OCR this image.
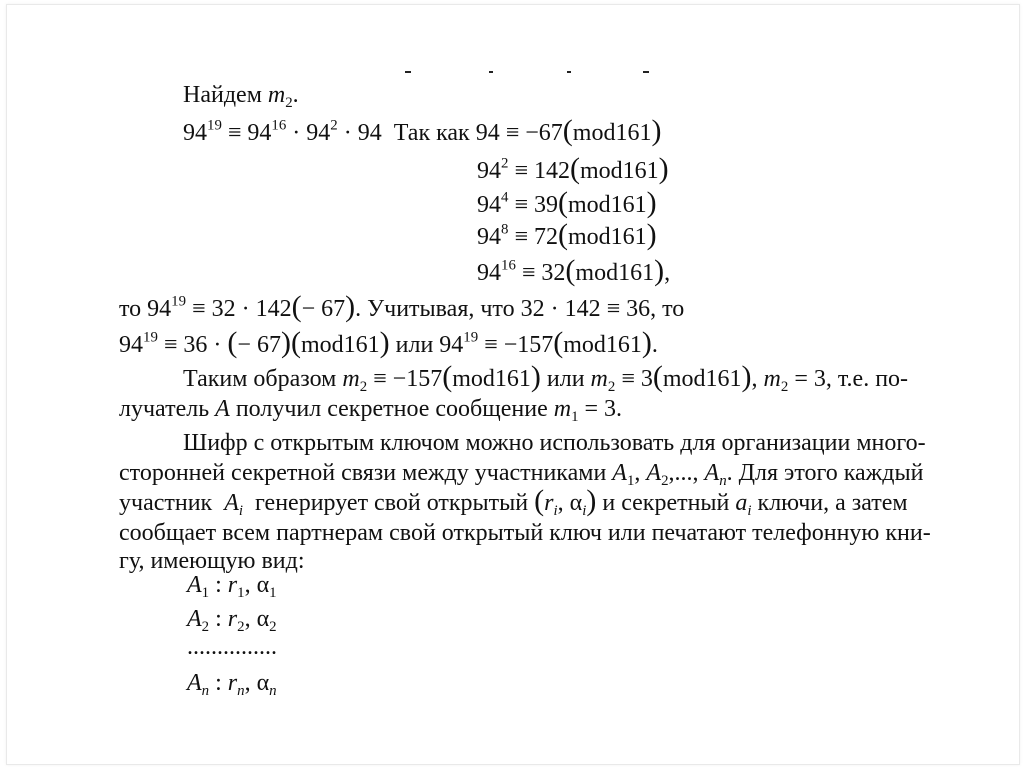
Найдем $m_2$.
$94^{19} \equiv 94^{16} \cdot 94^2 \cdot 94$  Так как 94 ≡ −67(mod161)
$94^2 \equiv 142(mod161)$
$94^4 \equiv 39(mod161)$
$94^8 \equiv 72(mod161)$
$94^{16} \equiv 32(mod161)$,
то $94^{19} \equiv 32 \cdot 142(- 67)$. Учитывая, что 32 · 142 ≡ 36, то
$94^{19} \equiv 36$ · (− 67)(mod161) или $94^{19} \equiv -157(mod161)$.
Таким образом $m_2 \equiv -157(mod161)$ или $m_2 \equiv 3(mod161)$, $m_2 = 3$, т.е. по-
лучатель A получил секретное сообщение $m_1 = 3$.
Шифр с открытым ключом можно использовать для организации много-
сторонней секретной связи между участниками $A_1$, $A_2$,..., $A_n$. Для этого каждый
участник $A_i$ генерирует свой открытый ($r_i$, $\alpha_i$) и секретный $a_i$ ключи, а затем
сообщает всем партнерам свой открытый ключ или печатают телефонную кни-
гу, имеющую вид:
$A_1$ : $r_1$, $\alpha_1$
$A_2$ : $r_2$, $\alpha_2$
...............
$A_n$ : $r_n$, $\alpha_n$
